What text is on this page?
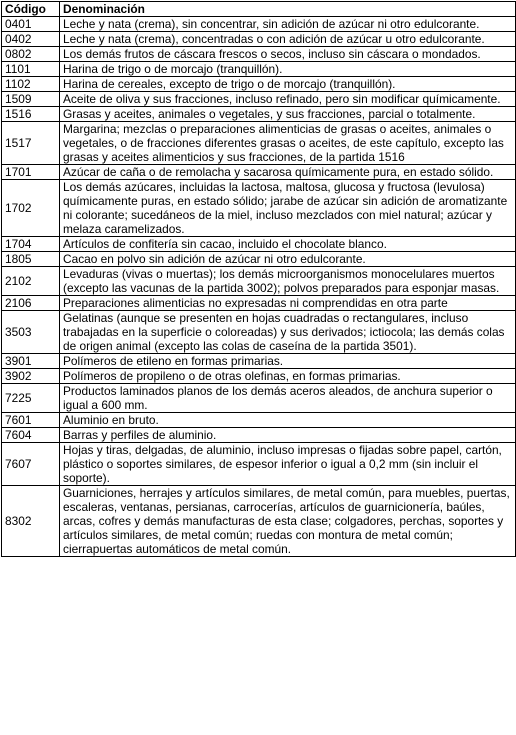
Código	Denominación
0401	Leche y nata (crema), sin concentrar, sin adición de azúcar ni otro edulcorante.
0402	Leche y nata (crema), concentradas o con adición de azúcar u otro edulcorante.
0802	Los demás frutos de cáscara frescos o secos, incluso sin cáscara o mondados.
1101	Harina de trigo o de morcajo (tranquillón).
1102	Harina de cereales, excepto de trigo o de morcajo (tranquillón).
1509	Aceite de oliva y sus fracciones, incluso refinado, pero sin modificar químicamente.
1516	Grasas y aceites, animales o vegetales, y sus fracciones, parcial o totalmente.
1517	Margarina; mezclas o preparaciones alimenticias de grasas o aceites, animales o vegetales, o de fracciones diferentes grasas o aceites, de este capítulo, excepto las grasas y aceites alimenticios y sus fracciones, de la partida 1516
1701	Azúcar de caña o de remolacha y sacarosa químicamente pura, en estado sólido.
1702	Los demás azúcares, incluidas la lactosa, maltosa, glucosa y fructosa (levulosa) químicamente puras, en estado sólido; jarabe de azúcar sin adición de aromatizante ni colorante; sucedáneos de la miel, incluso mezclados con miel natural; azúcar y melaza caramelizados.
1704	Artículos de confitería sin cacao, incluido el chocolate blanco.
1805	Cacao en polvo sin adición de azúcar ni otro edulcorante.
2102	Levaduras (vivas o muertas); los demás microorganismos monocelulares muertos (excepto las vacunas de la partida 3002); polvos preparados para esponjar masas.
2106	Preparaciones alimenticias no expresadas ni comprendidas en otra parte
3503	Gelatinas (aunque se presenten en hojas cuadradas o rectangulares, incluso trabajadas en la superficie o coloreadas) y sus derivados; ictiocola; las demás colas de origen animal (excepto las colas de caseína de la partida 3501).
3901	Polímeros de etileno en formas primarias.
3902	Polímeros de propileno o de otras olefinas, en formas primarias.
7225	Productos laminados planos de los demás aceros aleados, de anchura superior o igual a 600 mm.
7601	Aluminio en bruto.
7604	Barras y perfiles de aluminio.
7607	Hojas y tiras, delgadas, de aluminio, incluso impresas o fijadas sobre papel, cartón, plástico o soportes similares, de espesor inferior o igual a 0,2 mm (sin incluir el soporte).
8302	Guarniciones, herrajes y artículos similares, de metal común, para muebles, puertas, escaleras, ventanas, persianas, carrocerías, artículos de guarnicionería, baúles, arcas, cofres y demás manufacturas de esta clase; colgadores, perchas, soportes y artículos similares, de metal común; ruedas con montura de metal común; cierrapuertas automáticos de metal común.
